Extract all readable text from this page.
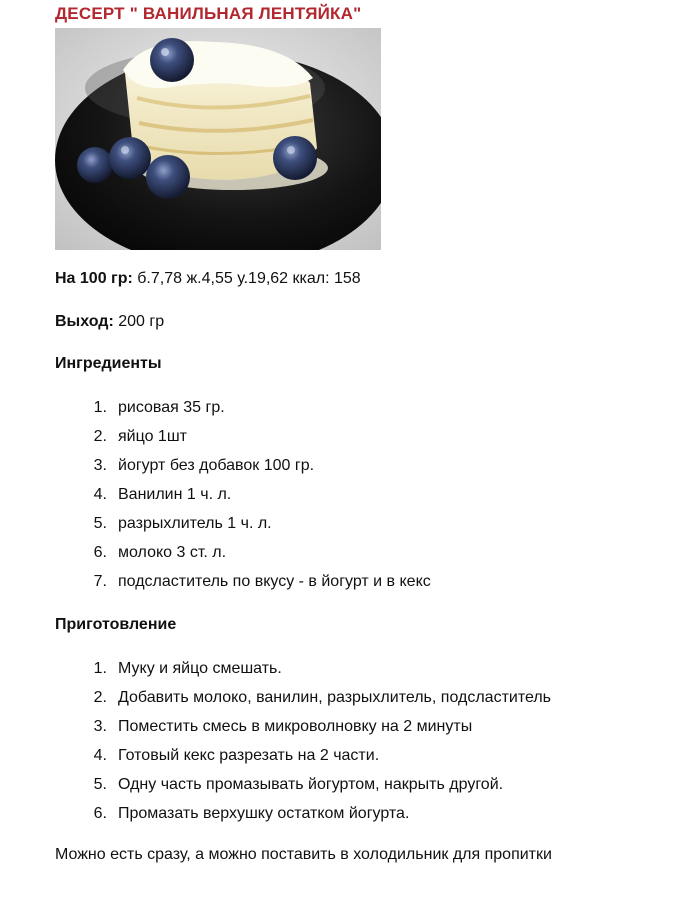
ДЕСЕРТ " ВАНИЛЬНАЯ ЛЕНТЯЙКА"
На 100 гр: б.7,78 ж.4,55 у.19,62 ккал: 158
Выход: 200 гр
Ингредиенты
1. рисовая 35 гр.
2. яйцо 1шт
3. йогурт без добавок 100 гр.
4. Ванилин 1 ч. л.
5. разрыхлитель 1 ч. л.
6. молоко 3 ст. л.
7. подсластитель по вкусу - в йогурт и в кекс
Приготовление
1. Муку и яйцо смешать.
2. Добавить молоко, ванилин, разрыхлитель, подсластитель
3. Поместить смесь в микроволновку на 2 минуты
4. Готовый кекс разрезать на 2 части.
5. Одну часть промазывать йогуртом, накрыть другой.
6. Промазать верхушку остатком йогурта.
Можно есть сразу, а можно поставить в холодильник для пропитки
